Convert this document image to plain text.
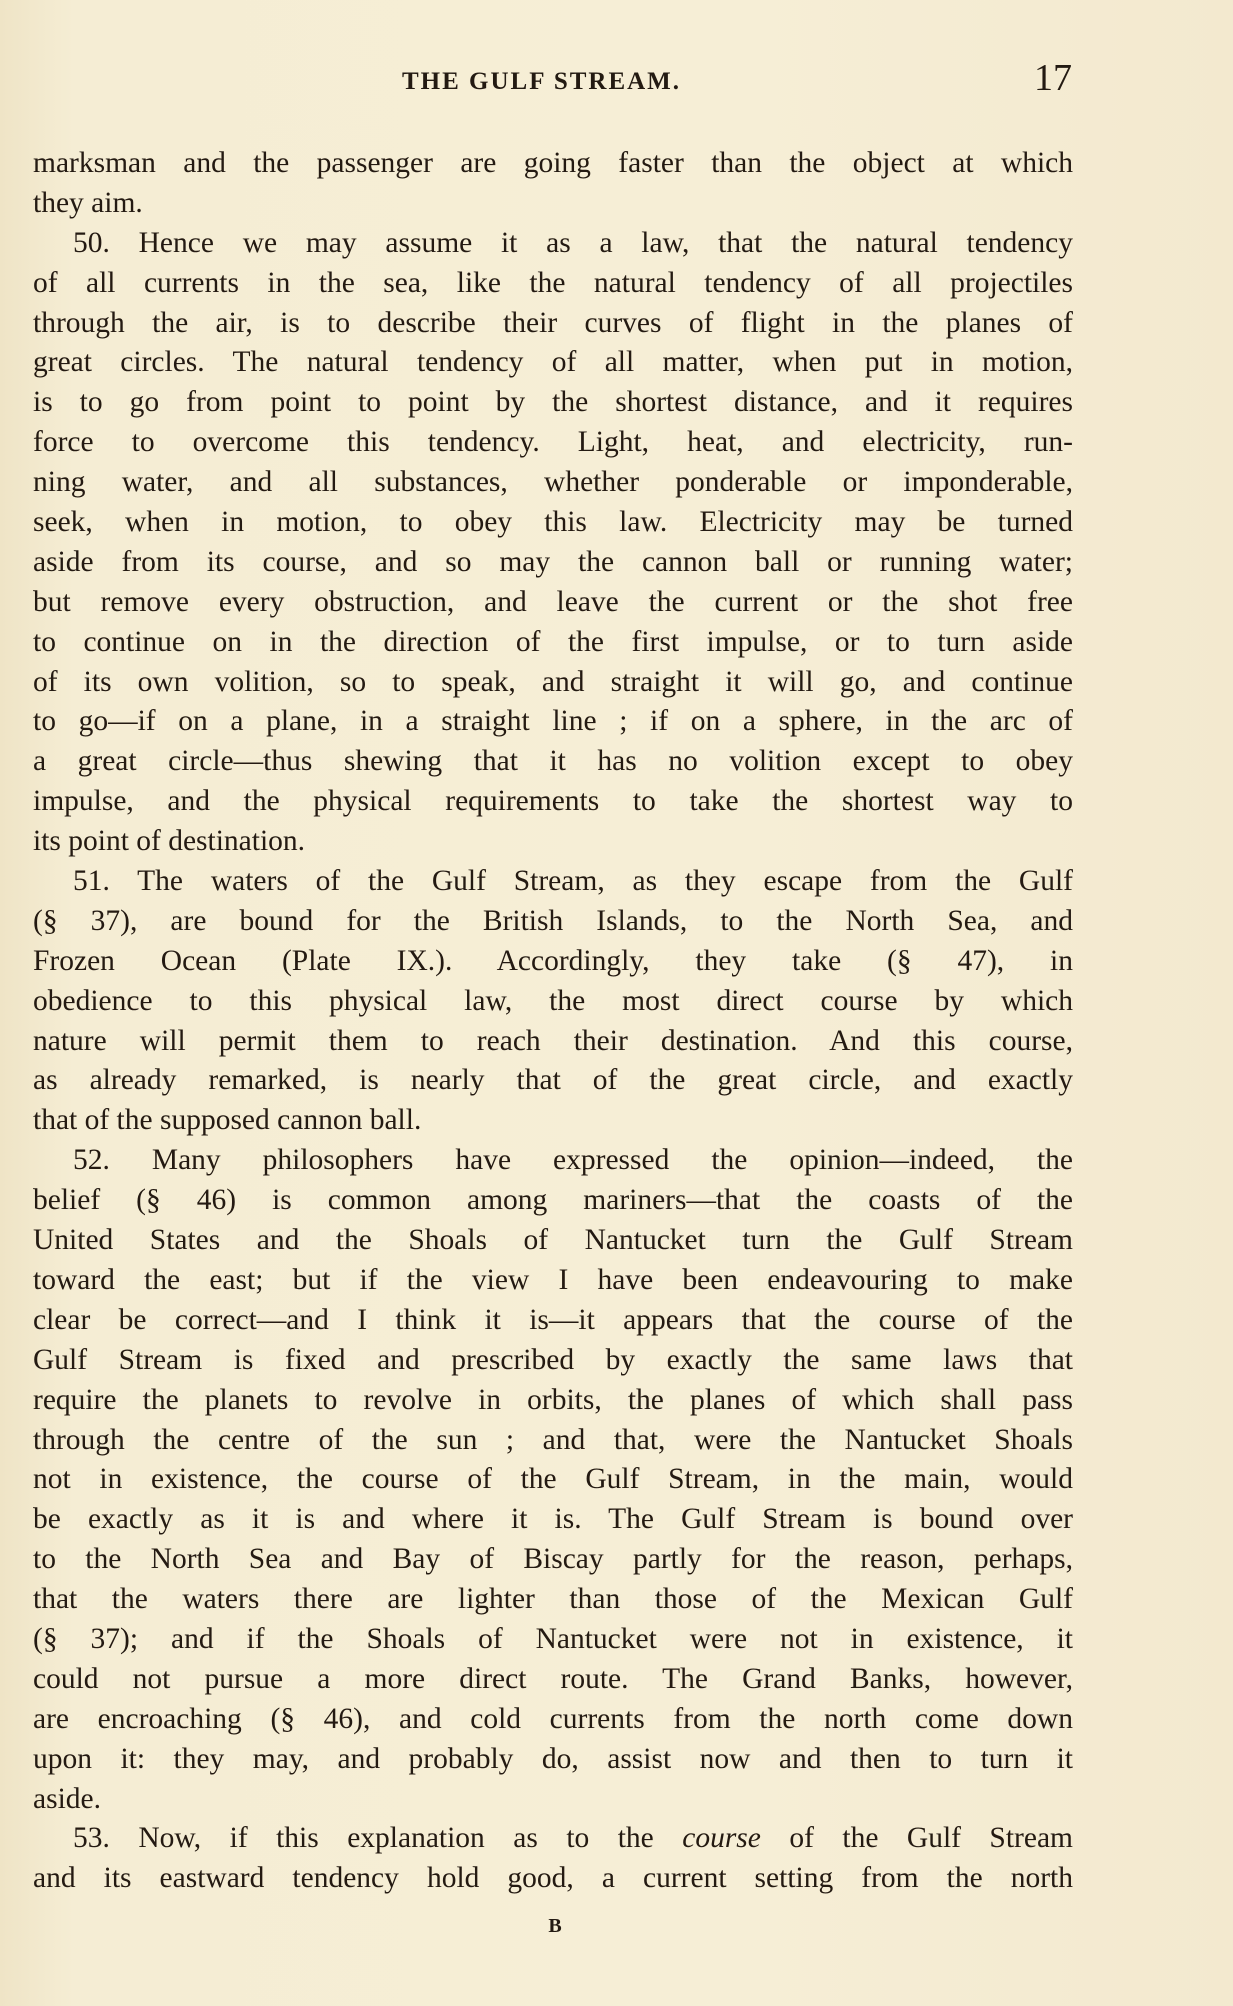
THE GULF STREAM.	17
marksman and the passenger are going faster than the object at which
they aim.
50. Hence we may assume it as a law, that the natural tendency
of all currents in the sea, like the natural tendency of all projectiles
through the air, is to describe their curves of flight in the planes of
great circles. The natural tendency of all matter, when put in motion,
is to go from point to point by the shortest distance, and it requires
force to overcome this tendency. Light, heat, and electricity, run-
ning water, and all substances, whether ponderable or imponderable,
seek, when in motion, to obey this law. Electricity may be turned
aside from its course, and so may the cannon ball or running water;
but remove every obstruction, and leave the current or the shot free
to continue on in the direction of the first impulse, or to turn aside
of its own volition, so to speak, and straight it will go, and continue
to go—if on a plane, in a straight line ; if on a sphere, in the arc of
a great circle—thus shewing that it has no volition except to obey
impulse, and the physical requirements to take the shortest way to
its point of destination.
51. The waters of the Gulf Stream, as they escape from the Gulf
(§ 37), are bound for the British Islands, to the North Sea, and
Frozen Ocean (Plate IX.). Accordingly, they take (§ 47), in
obedience to this physical law, the most direct course by which
nature will permit them to reach their destination. And this course,
as already remarked, is nearly that of the great circle, and exactly
that of the supposed cannon ball.
52. Many philosophers have expressed the opinion—indeed, the
belief (§ 46) is common among mariners—that the coasts of the
United States and the Shoals of Nantucket turn the Gulf Stream
toward the east; but if the view I have been endeavouring to make
clear be correct—and I think it is—it appears that the course of the
Gulf Stream is fixed and prescribed by exactly the same laws that
require the planets to revolve in orbits, the planes of which shall pass
through the centre of the sun ; and that, were the Nantucket Shoals
not in existence, the course of the Gulf Stream, in the main, would
be exactly as it is and where it is. The Gulf Stream is bound over
to the North Sea and Bay of Biscay partly for the reason, perhaps,
that the waters there are lighter than those of the Mexican Gulf
(§ 37); and if the Shoals of Nantucket were not in existence, it
could not pursue a more direct route. The Grand Banks, however,
are encroaching (§ 46), and cold currents from the north come down
upon it: they may, and probably do, assist now and then to turn it
aside.
53. Now, if this explanation as to the course of the Gulf Stream
and its eastward tendency hold good, a current setting from the north
B
